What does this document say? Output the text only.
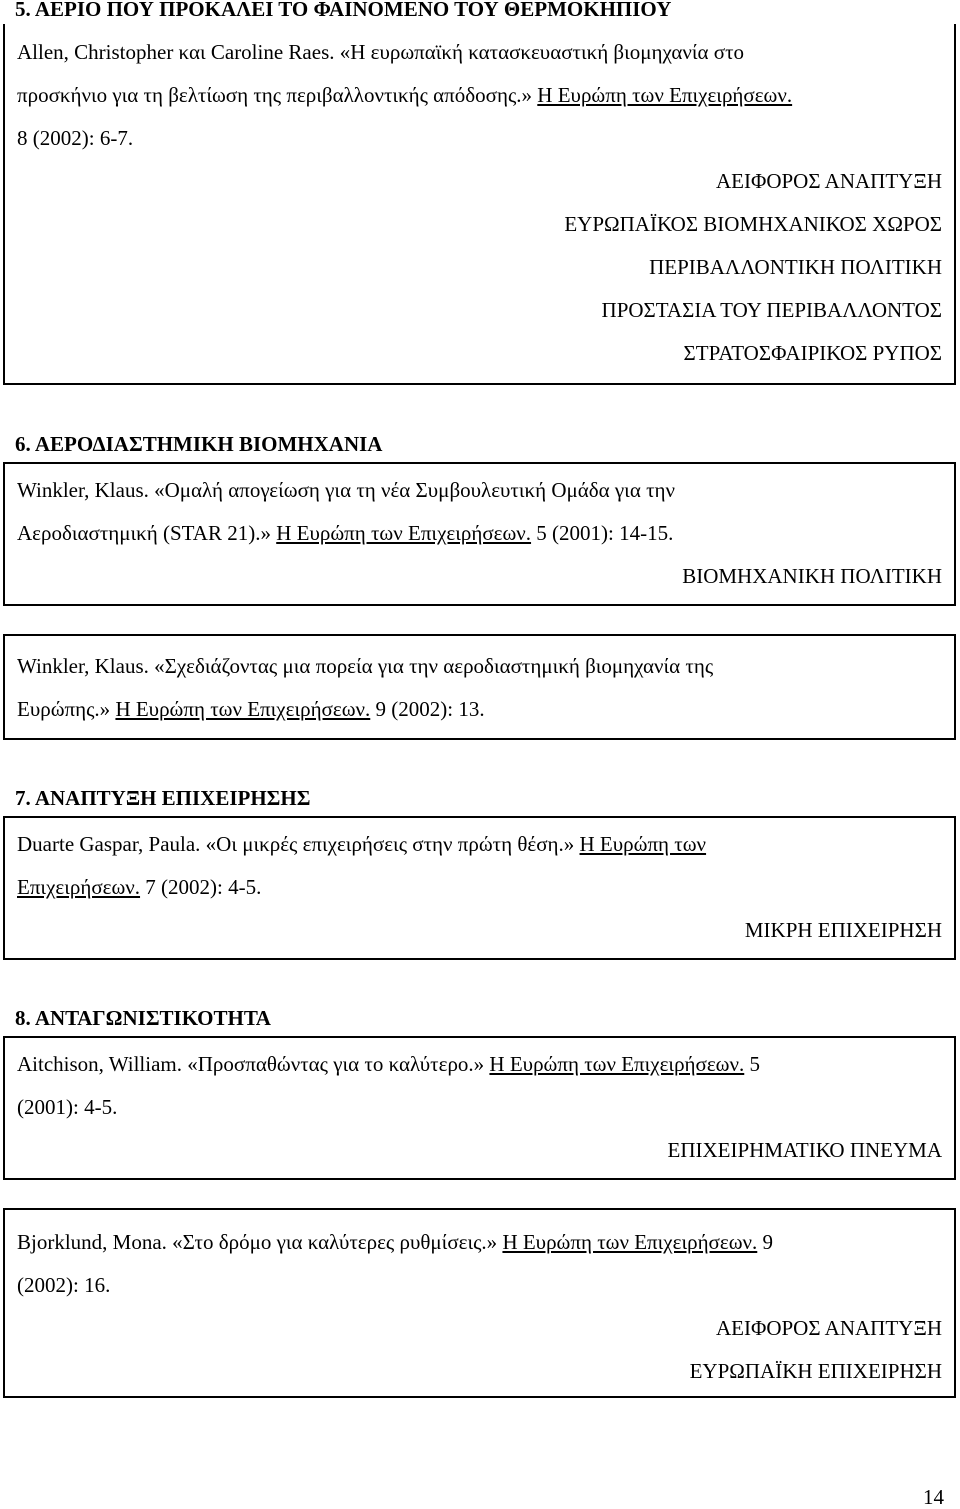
5. ΑΕΡΙΟ ΠΟΥ ΠΡΟΚΑΛΕΙ ΤΟ ΦΑΙΝΟΜΕΝΟ ΤΟΥ ΘΕΡΜΟΚΗΠΙΟΥ
Allen, Christopher και Caroline Raes. «Η ευρωπαϊκή κατασκευαστική βιομηχανία στο
προσκήνιο για τη βελτίωση της περιβαλλοντικής απόδοσης.» Η Ευρώπη των Επιχειρήσεων.
8 (2002): 6-7.
ΑΕΙΦΟΡΟΣ ΑΝΑΠΤΥΞΗ
ΕΥΡΩΠΑΪΚΟΣ ΒΙΟΜΗΧΑΝΙΚΟΣ ΧΩΡΟΣ
ΠΕΡΙΒΑΛΛΟΝΤΙΚΗ ΠΟΛΙΤΙΚΗ
ΠΡΟΣΤΑΣΙΑ ΤΟΥ ΠΕΡΙΒΑΛΛΟΝΤΟΣ
ΣΤΡΑΤΟΣΦΑΙΡΙΚΟΣ ΡΥΠΟΣ
6. ΑΕΡΟΔΙΑΣΤΗΜΙΚΗ ΒΙΟΜΗΧΑΝΙΑ
Winkler, Klaus. «Ομαλή απογείωση για τη νέα Συμβουλευτική Ομάδα για την
Αεροδιαστημική (STAR 21).» Η Ευρώπη των Επιχειρήσεων. 5 (2001): 14-15.
ΒΙΟΜΗΧΑΝΙΚΗ ΠΟΛΙΤΙΚΗ
Winkler, Klaus. «Σχεδιάζοντας μια πορεία για την αεροδιαστημική βιομηχανία της
Ευρώπης.» Η Ευρώπη των Επιχειρήσεων. 9 (2002): 13.
7. ΑΝΑΠΤΥΞΗ ΕΠΙΧΕΙΡΗΣΗΣ
Duarte Gaspar, Paula. «Οι μικρές επιχειρήσεις στην πρώτη θέση.» Η Ευρώπη των
Επιχειρήσεων. 7 (2002): 4-5.
ΜΙΚΡΗ ΕΠΙΧΕΙΡΗΣΗ
8. ΑΝΤΑΓΩΝΙΣΤΙΚΟΤΗΤΑ
Aitchison, William. «Προσπαθώντας για το καλύτερο.» Η Ευρώπη των Επιχειρήσεων. 5
(2001): 4-5.
ΕΠΙΧΕΙΡΗΜΑΤΙΚΟ ΠΝΕΥΜΑ
Bjorklund, Mona. «Στο δρόμο για καλύτερες ρυθμίσεις.» Η Ευρώπη των Επιχειρήσεων. 9
(2002): 16.
ΑΕΙΦΟΡΟΣ ΑΝΑΠΤΥΞΗ
ΕΥΡΩΠΑΪΚΗ ΕΠΙΧΕΙΡΗΣΗ
14
